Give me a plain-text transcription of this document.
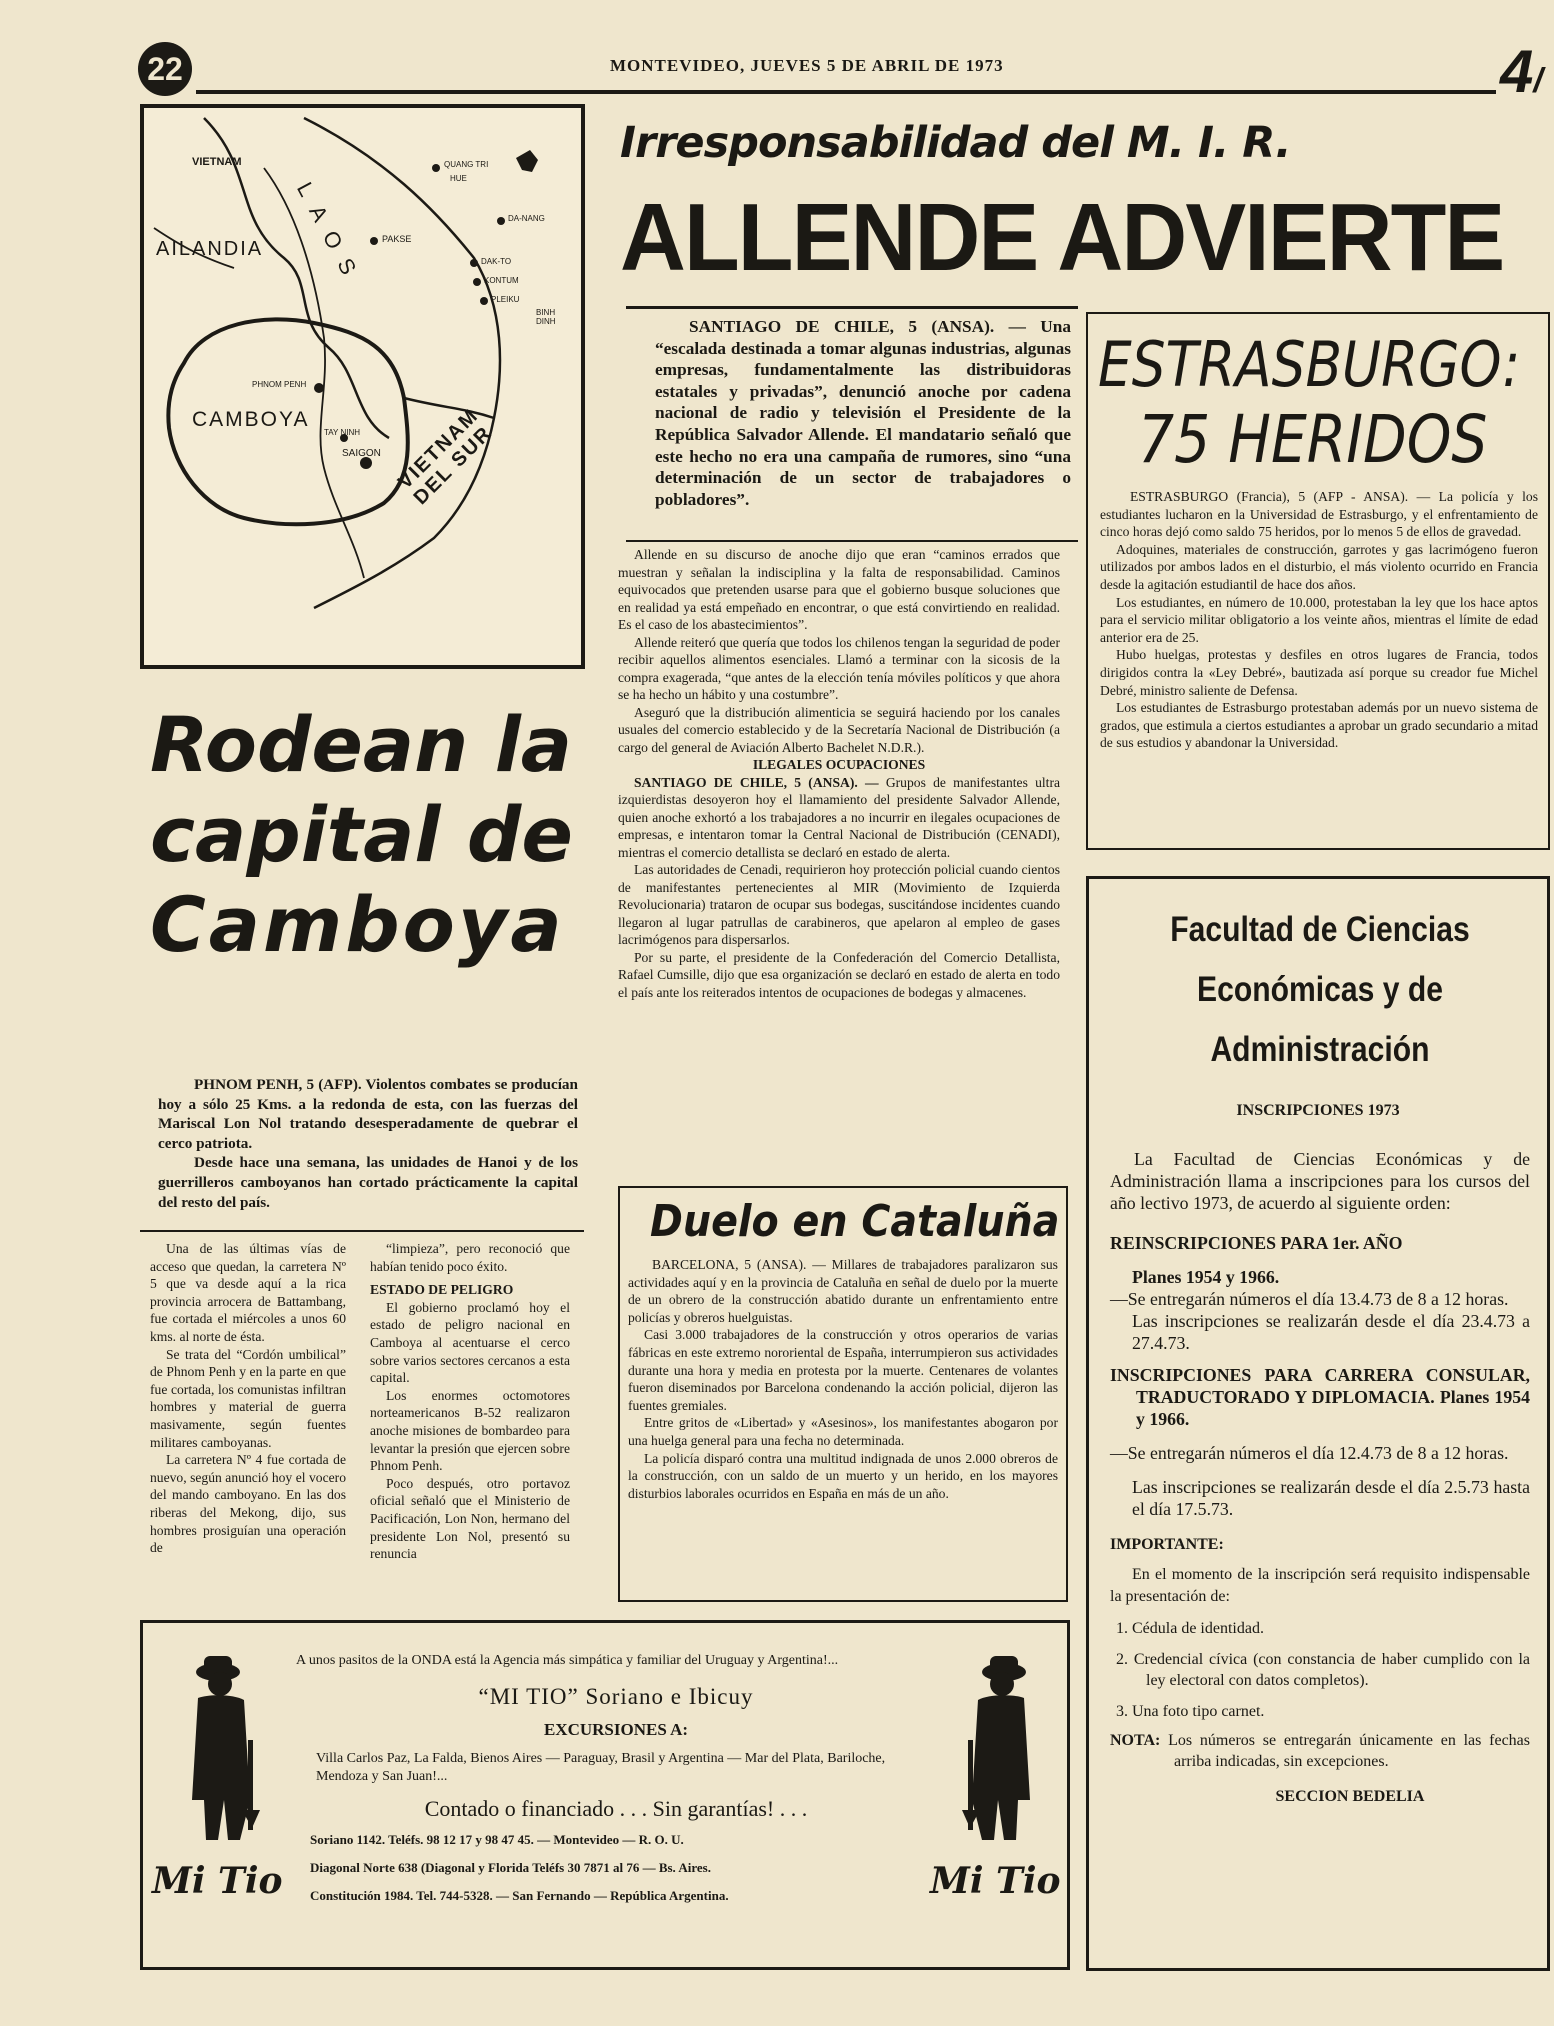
22	MONTEVIDEO, JUEVES 5 DE ABRIL DE 1973	4/
VIETNAM
LAOS
AILANDIA
CAMBOYA	VIETNAM DEL SUR
QUANG TRI
HUE
DA-NANG
PAKSE
DAK-TO
KONTUM
PLEIKU
BINH DINH
PHNOM PENH
TAY NINH
SAIGON
Irresponsabilidad del M. I. R.
ALLENDE ADVIERTE

SANTIAGO DE CHILE, 5 (ANSA). — Una “escalada destinada a tomar algunas industrias, algunas empresas, fundamentalmente las distribuidoras estatales y privadas”, denunció anoche por cadena nacional de radio y televisión el Presidente de la República Salvador Allende. El mandatario señaló que este hecho no era una campaña de rumores, sino “una determinación de un sector de trabajadores o pobladores”.

Allende en su discurso de anoche dijo que eran “caminos errados que muestran y señalan la indisciplina y la falta de responsabilidad. Caminos equivocados que pretenden usarse para que el gobierno busque soluciones que en realidad ya está empeñado en encontrar, o que está convirtiendo en realidad. Es el caso de los abastecimientos”.

Allende reiteró que quería que todos los chilenos tengan la seguridad de poder recibir aquellos alimentos esenciales. Llamó a terminar con la sicosis de la compra exagerada, “que antes de la elección tenía móviles políticos y que ahora se ha hecho un hábito y una costumbre”.

Aseguró que la distribución alimenticia se seguirá haciendo por los canales usuales del comercio establecido y de la Secretaría Nacional de Distribución (a cargo del general de Aviación Alberto Bachelet N.D.R.).

ILEGALES OCUPACIONES

SANTIAGO DE CHILE, 5 (ANSA). — Grupos de manifestantes ultra izquierdistas desoyeron hoy el llamamiento del presidente Salvador Allende, quien anoche exhortó a los trabajadores a no incurrir en ilegales ocupaciones de empresas, e intentaron tomar la Central Nacional de Distribución (CENADI), mientras el comercio detallista se declaró en estado de alerta.

Las autoridades de Cenadi, requirieron hoy protección policial cuando cientos de manifestantes pertenecientes al MIR (Movimiento de Izquierda Revolucionaria) trataron de ocupar sus bodegas, suscitándose incidentes cuando llegaron al lugar patrullas de carabineros, que apelaron al empleo de gases lacrimógenos para dispersarlos.

Por su parte, el presidente de la Confederación del Comercio Detallista, Rafael Cumsille, dijo que esa organización se declaró en estado de alerta en todo el país ante los reiterados intentos de ocupaciones de bodegas y almacenes.

ESTRASBURGO:
75 HERIDOS

ESTRASBURGO (Francia), 5 (AFP - ANSA). — La policía y los estudiantes lucharon en la Universidad de Estrasburgo, y el enfrentamiento de cinco horas dejó como saldo 75 heridos, por lo menos 5 de ellos de gravedad.

Adoquines, materiales de construcción, garrotes y gas lacrimógeno fueron utilizados por ambos lados en el disturbio, el más violento ocurrido en Francia desde la agitación estudiantil de hace dos años.

Los estudiantes, en número de 10.000, protestaban la ley que los hace aptos para el servicio militar obligatorio a los veinte años, mientras el límite de edad anterior era de 25.

Hubo huelgas, protestas y desfiles en otros lugares de Francia, todos dirigidos contra la «Ley Debré», bautizada así porque su creador fue Michel Debré, ministro saliente de Defensa.

Los estudiantes de Estrasburgo protestaban además por un nuevo sistema de grados, que estimula a ciertos estudiantes a aprobar un grado secundario a mitad de sus estudios y abandonar la Universidad.

Rodean la
capital de
Camboya

PHNOM PENH, 5 (AFP). Violentos combates se producían hoy a sólo 25 Kms. a la redonda de esta, con las fuerzas del Mariscal Lon Nol tratando desesperadamente de quebrar el cerco patriota.

Desde hace una semana, las unidades de Hanoi y de los guerrilleros camboyanos han cortado prácticamente la capital del resto del país.

Una de las últimas vías de acceso que quedan, la carretera Nº 5 que va desde aquí a la rica provincia arrocera de Battambang, fue cortada el miércoles a unos 60 kms. al norte de ésta.

Se trata del “Cordón umbilical” de Phnom Penh y en la parte en que fue cortada, los comunistas infiltran hombres y material de guerra masivamente, según fuentes militares camboyanas.

La carretera Nº 4 fue cortada de nuevo, según anunció hoy el vocero del mando camboyano. En las dos riberas del Mekong, dijo, sus hombres prosiguían una operación de

“limpieza”, pero reconoció que habían tenido poco éxito.

ESTADO DE PELIGRO

El gobierno proclamó hoy el estado de peligro nacional en Camboya al acentuarse el cerco sobre varios sectores cercanos a esta capital.

Los enormes octomotores norteamericanos B-52 realizaron anoche misiones de bombardeo para levantar la presión que ejercen sobre Phnom Penh.

Poco después, otro portavoz oficial señaló que el Ministerio de Pacificación, Lon Non, hermano del presidente Lon Nol, presentó su renuncia

Duelo en Cataluña

BARCELONA, 5 (ANSA). — Millares de trabajadores paralizaron sus actividades aquí y en la provincia de Cataluña en señal de duelo por la muerte de un obrero de la construcción abatido durante un enfrentamiento entre policías y obreros huelguistas.

Casi 3.000 trabajadores de la construcción y otros operarios de varias fábricas en este extremo nororiental de España, interrumpieron sus actividades durante una hora y media en protesta por la muerte. Centenares de volantes fueron diseminados por Barcelona condenando la acción policial, dijeron las fuentes gremiales.

Entre gritos de «Libertad» y «Asesinos», los manifestantes abogaron por una huelga general para una fecha no determinada.

La policía disparó contra una multitud indignada de unos 2.000 obreros de la construcción, con un saldo de un muerto y un herido, en los mayores disturbios laborales ocurridos en España en más de un año.

Facultad de Ciencias Económicas y de Administración
INSCRIPCIONES 1973

La Facultad de Ciencias Económicas y de Administración llama a inscripciones para los cursos del año lectivo 1973, de acuerdo al siguiente orden:

REINSCRIPCIONES PARA 1er. AÑO

Planes 1954 y 1966.

—Se entregarán números el día 13.4.73 de 8 a 12 horas.

Las inscripciones se realizarán desde el día 23.4.73 a 27.4.73.

INSCRIPCIONES PARA CARRERA CONSULAR, TRADUCTORADO Y DIPLOMACIA. Planes 1954 y 1966.

—Se entregarán números el día 12.4.73 de 8 a 12 horas.

Las inscripciones se realizarán desde el día 2.5.73 hasta el día 17.5.73.

IMPORTANTE:

En el momento de la inscripción será requisito indispensable la presentación de:

1. Cédula de identidad.

2. Credencial cívica (con constancia de haber cumplido con la ley electoral con datos completos).

3. Una foto tipo carnet.

NOTA: Los números se entregarán únicamente en las fechas arriba indicadas, sin excepciones.

SECCION BEDELIA

Mi Tio	Mi Tio
A unos pasitos de la ONDA está la Agencia más simpática y familiar del Uruguay y Argentina!...
“MI TIO” Soriano e Ibicuy
EXCURSIONES A:
Villa Carlos Paz, La Falda, Bienos Aires — Paraguay, Brasil y Argentina — Mar del Plata, Bariloche, Mendoza y San Juan!...
Contado o financiado . . . Sin garantías! . . .
Soriano 1142. Teléfs. 98 12 17 y 98 47 45. — Montevideo — R. O. U.
Diagonal Norte 638 (Diagonal y Florida Teléfs 30 7871 al 76 — Bs. Aires.
Constitución 1984. Tel. 744-5328. — San Fernando — República Argentina.
